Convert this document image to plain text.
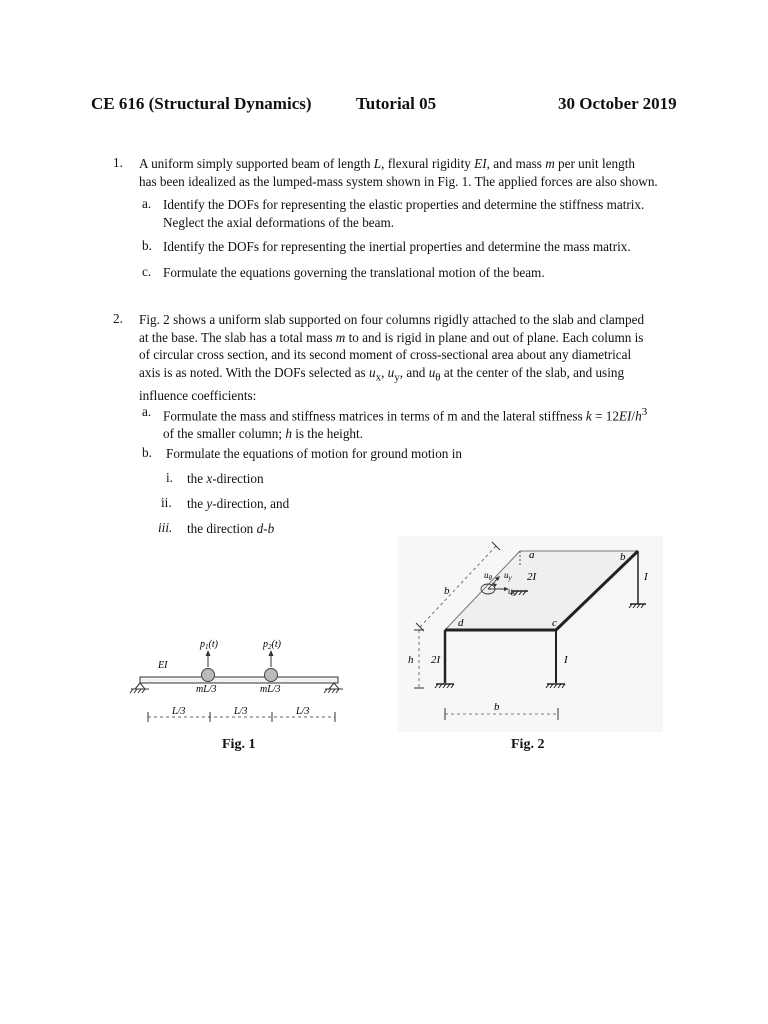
CE 616 (Structural Dynamics)	Tutorial 05	30 October 2019
1. A uniform simply supported beam of length L, flexural rigidity EI, and mass m per unit length
has been idealized as the lumped-mass system shown in Fig. 1. The applied forces are also shown.
a. Identify the DOFs for representing the elastic properties and determine the stiffness matrix.
Neglect the axial deformations of the beam.
b. Identify the DOFs for representing the inertial properties and determine the mass matrix.
c. Formulate the equations governing the translational motion of the beam.
2. Fig. 2 shows a uniform slab supported on four columns rigidly attached to the slab and clamped
at the base. The slab has a total mass m to and is rigid in plane and out of plane. Each column is
of circular cross section, and its second moment of cross-sectional area about any diametrical
axis is as noted. With the DOFs selected as $u_x$, $u_y$, and $u_\theta$ at the center of the slab, and using
influence coefficients:
a. Formulate the mass and stiffness matrices in terms of m and the lateral stiffness $k = 12EI/h^3$
of the smaller column; h is the height.
b. Formulate the equations of motion for ground motion in
i. the x-direction
ii. the y-direction, and
iii. the direction d-b
$p_1(t)$	$p_2(t)$
EI
mL/3	mL/3
L/3	L/3	L/3
Fig. 1
$u_\theta$ $u_y$
$u_x$
a	b
c
d
2I	I
2I	I
b
h
b
Fig. 2
